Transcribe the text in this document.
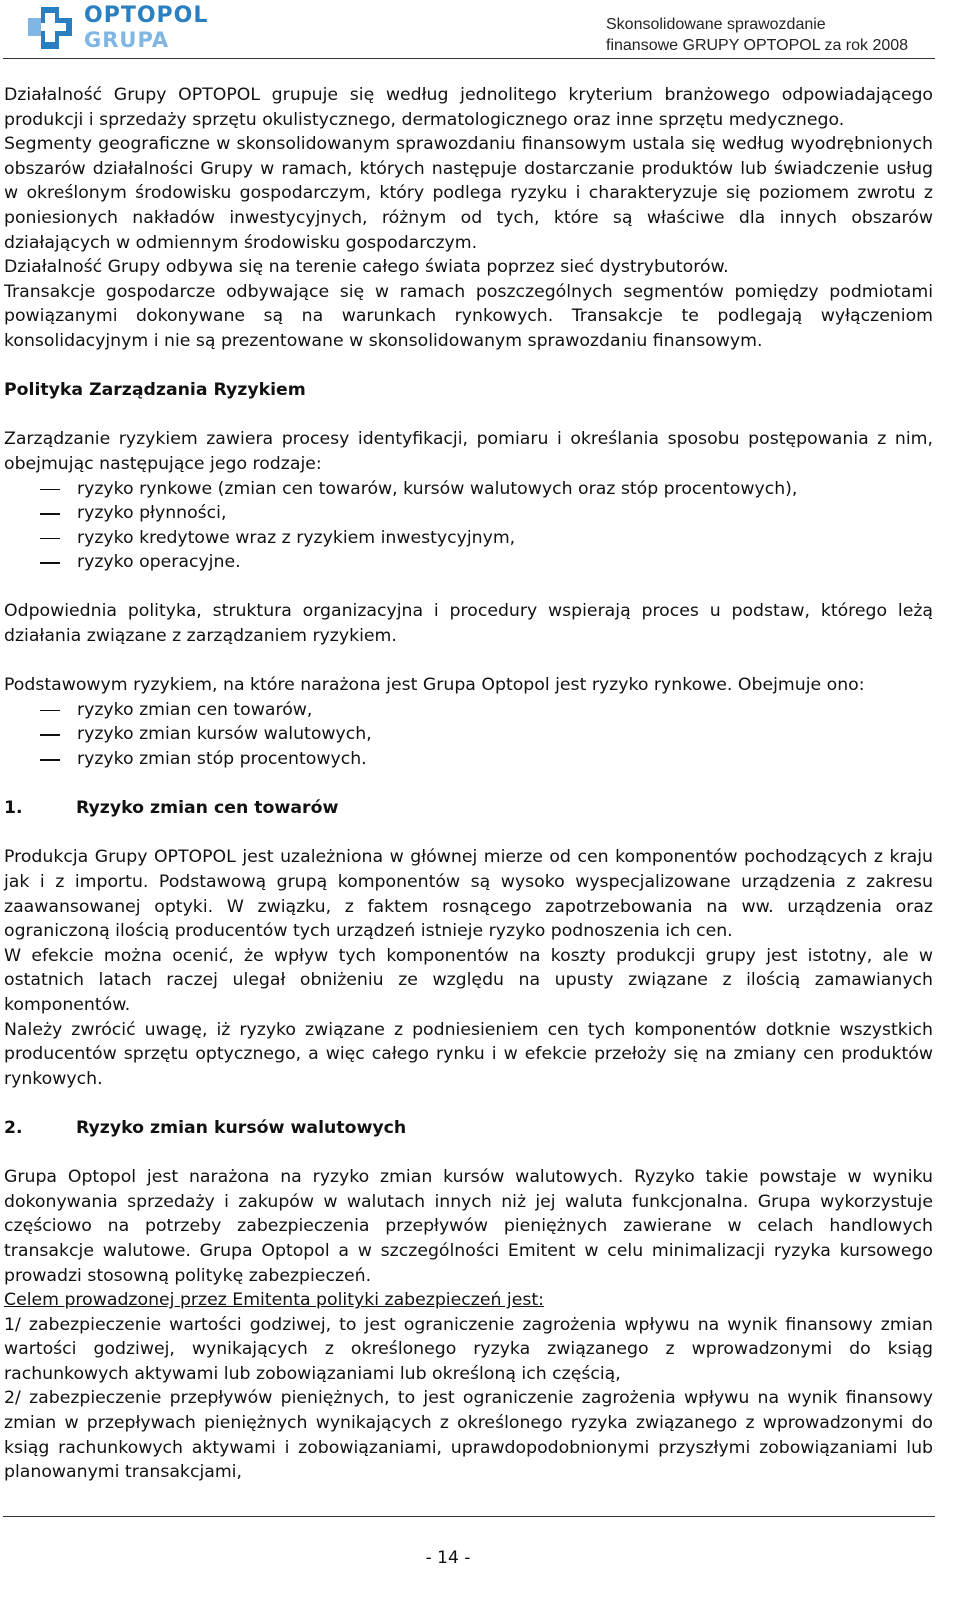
OPTOPOL
GRUPA
Skonsolidowane sprawozdanie
finansowe GRUPY OPTOPOL za rok 2008

Działalność Grupy OPTOPOL grupuje się według jednolitego kryterium branżowego odpowiadającego produkcji i sprzedaży sprzętu okulistycznego, dermatologicznego oraz inne sprzętu medycznego.

Segmenty geograficzne w skonsolidowanym sprawozdaniu finansowym ustala się według wyodrębnionych obszarów działalności Grupy w ramach, których następuje dostarczanie produktów lub świadczenie usług w określonym środowisku gospodarczym, który podlega ryzyku i charakteryzuje się poziomem zwrotu z poniesionych nakładów inwestycyjnych, różnym od tych, które są właściwe dla innych obszarów działających w odmiennym środowisku gospodarczym.

Działalność Grupy odbywa się na terenie całego świata poprzez sieć dystrybutorów.

Transakcje gospodarcze odbywające się w ramach poszczególnych segmentów pomiędzy podmiotami powiązanymi dokonywane są na warunkach rynkowych. Transakcje te podlegają wyłączeniom konsolidacyjnym i nie są prezentowane w skonsolidowanym sprawozdaniu finansowym.

Polityka Zarządzania Ryzykiem

Zarządzanie ryzykiem zawiera procesy identyfikacji, pomiaru i określania sposobu postępowania z nim, obejmując następujące jego rodzaje:

ryzyko rynkowe (zmian cen towarów, kursów walutowych oraz stóp procentowych),
ryzyko płynności,
ryzyko kredytowe wraz z ryzykiem inwestycyjnym,
ryzyko operacyjne.

Odpowiednia polityka, struktura organizacyjna i procedury wspierają proces u podstaw, którego leżą działania związane z zarządzaniem ryzykiem.

Podstawowym ryzykiem, na które narażona jest Grupa Optopol jest ryzyko rynkowe. Obejmuje ono:

ryzyko zmian cen towarów,
ryzyko zmian kursów walutowych,
ryzyko zmian stóp procentowych.
1.	Ryzyko zmian cen towarów

Produkcja Grupy OPTOPOL jest uzależniona w głównej mierze od cen komponentów pochodzących z kraju jak i z importu. Podstawową grupą komponentów są wysoko wyspecjalizowane urządzenia z zakresu zaawansowanej optyki. W związku, z faktem rosnącego zapotrzebowania na ww. urządzenia oraz ograniczoną ilością producentów tych urządzeń istnieje ryzyko podnoszenia ich cen.

W efekcie można ocenić, że wpływ tych komponentów na koszty produkcji grupy jest istotny, ale w ostatnich latach raczej ulegał obniżeniu ze względu na upusty związane z ilością zamawianych komponentów.

Należy zwrócić uwagę, iż ryzyko związane z podniesieniem cen tych komponentów dotknie wszystkich producentów sprzętu optycznego, a więc całego rynku i w efekcie przełoży się na zmiany cen produktów rynkowych.

2.	Ryzyko zmian kursów walutowych

Grupa Optopol jest narażona na ryzyko zmian kursów walutowych. Ryzyko takie powstaje w wyniku dokonywania sprzedaży i zakupów w walutach innych niż jej waluta funkcjonalna. Grupa wykorzystuje częściowo na potrzeby zabezpieczenia przepływów pieniężnych zawierane w celach handlowych transakcje walutowe. Grupa Optopol a w szczególności Emitent w celu minimalizacji ryzyka kursowego prowadzi stosowną politykę zabezpieczeń.

Celem prowadzonej przez Emitenta polityki zabezpieczeń jest:

1/ zabezpieczenie wartości godziwej, to jest ograniczenie zagrożenia wpływu na wynik finansowy zmian wartości godziwej, wynikających z określonego ryzyka związanego z wprowadzonymi do ksiąg rachunkowych aktywami lub zobowiązaniami lub określoną ich częścią,

2/ zabezpieczenie przepływów pieniężnych, to jest ograniczenie zagrożenia wpływu na wynik finansowy zmian w przepływach pieniężnych wynikających z określonego ryzyka związanego z wprowadzonymi do ksiąg rachunkowych aktywami i zobowiązaniami, uprawdopodobnionymi przyszłymi zobowiązaniami lub planowanymi transakcjami,

- 14 -
